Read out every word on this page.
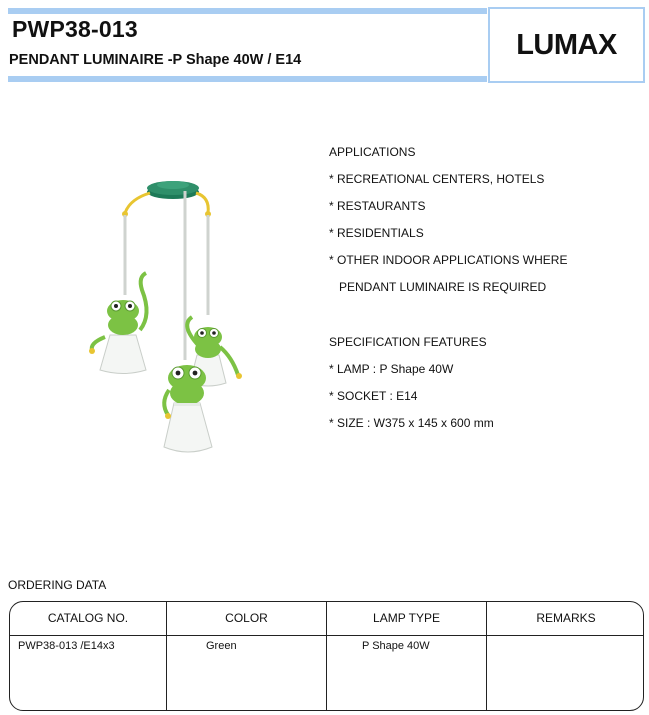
PWP38-013
PENDANT LUMINAIRE -P Shape 40W / E14	LUMAX
APPLICATIONS
* RECREATIONAL CENTERS, HOTELS
* RESTAURANTS
* RESIDENTIALS
* OTHER INDOOR APPLICATIONS WHERE
PENDANT LUMINAIRE IS REQUIRED
SPECIFICATION FEATURES
* LAMP : P Shape 40W
* SOCKET : E14
* SIZE : W375 x 145 x 600 mm
ORDERING DATA
CATALOG NO.	COLOR	LAMP TYPE	REMARKS
PWP38-013 /E14x3	Green	P Shape 40W
